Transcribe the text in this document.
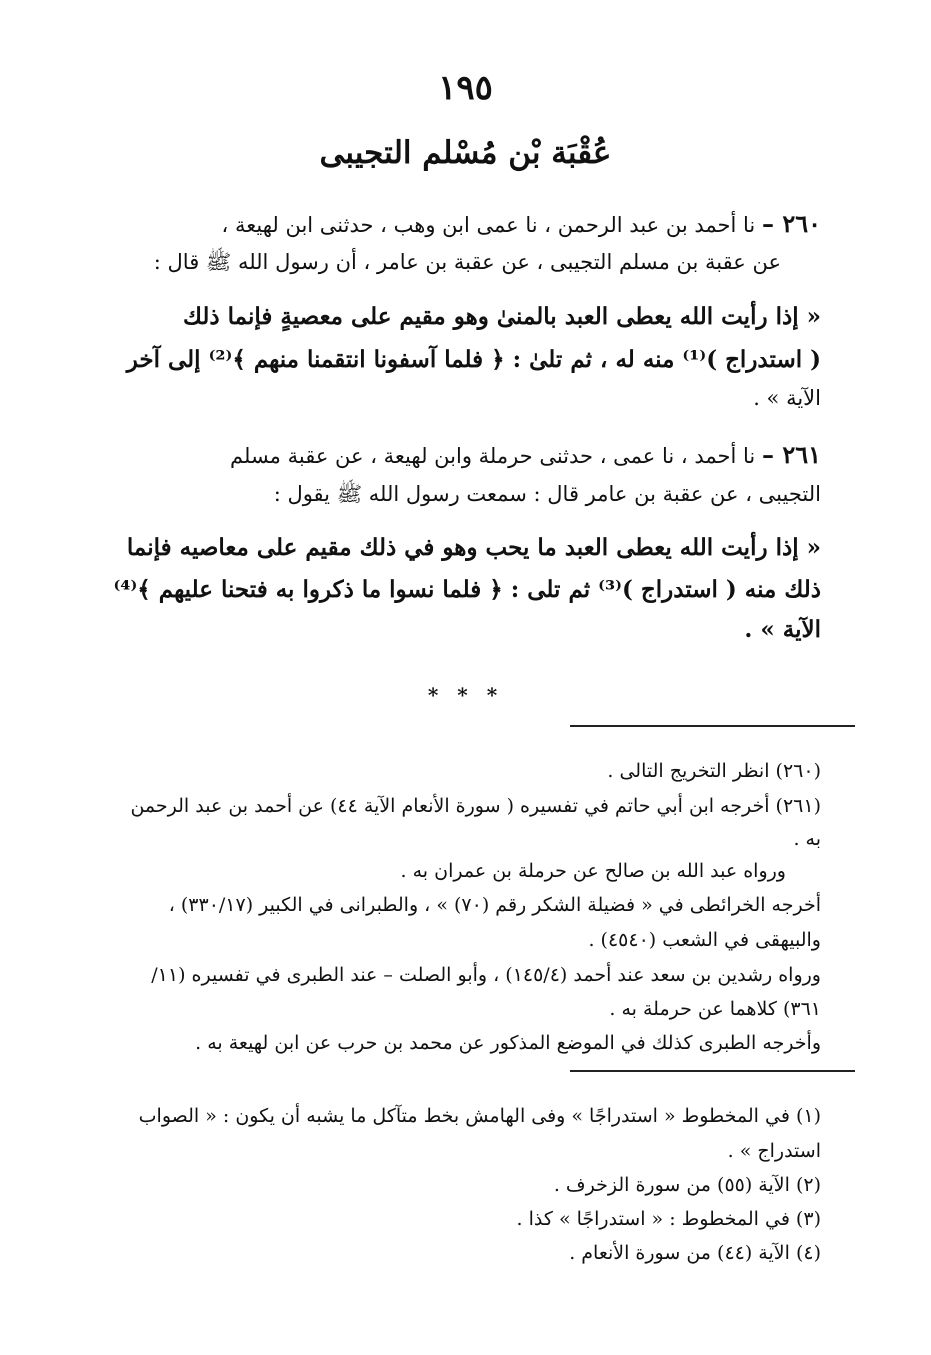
١٩٥
عُقْبَة بْن مُسْلم التجيبى
٢٦٠ – نا أحمد بن عبد الرحمن ، نا عمى ابن وهب ، حدثنى ابن لهيعة ،
عن عقبة بن مسلم التجيبى ، عن عقبة بن عامر ، أن رسول الله ﷺ قال :
« إذا رأيت الله يعطى العبد بالمنىٰ وهو مقيم على معصيةٍ فإنما ذلك
( استدراج )⁽¹⁾ منه له ، ثم تلىٰ : ﴿ فلما آسفونا انتقمنا منهم ﴾⁽²⁾ إلى آخر
الآية » .
٢٦١ – نا أحمد ، نا عمى ، حدثنى حرملة وابن لهيعة ، عن عقبة مسلم
التجيبى ، عن عقبة بن عامر قال : سمعت رسول الله ﷺ يقول :
« إذا رأيت الله يعطى العبد ما يحب وهو في ذلك مقيم على معاصيه فإنما
ذلك منه ( استدراج )⁽³⁾ ثم تلى : ﴿ فلما نسوا ما ذكروا به فتحنا عليهم ﴾⁽⁴⁾
الآية » .
* * *
(٢٦٠) انظر التخريج التالى .
(٢٦١) أخرجه ابن أبي حاتم في تفسيره ( سورة الأنعام الآية ٤٤) عن أحمد بن عبد الرحمن
به .
ورواه عبد الله بن صالح عن حرملة بن عمران به .
أخرجه الخرائطى في « فضيلة الشكر رقم (٧٠) » ، والطبرانى في الكبير (٣٣٠/١٧) ،
والبيهقى في الشعب (٤٥٤٠) .
ورواه رشدين بن سعد عند أحمد (١٤٥/٤) ، وأبو الصلت – عند الطبرى في تفسيره (١١/
٣٦١) كلاهما عن حرملة به .
وأخرجه الطبرى كذلك في الموضع المذكور عن محمد بن حرب عن ابن لهيعة به .
(١) في المخطوط « استدراجًا » وفى الهامش بخط متآكل ما يشبه أن يكون : « الصواب
استدراج » .
(٢) الآية (٥٥) من سورة الزخرف .
(٣) في المخطوط : « استدراجًا » كذا .
(٤) الآية (٤٤) من سورة الأنعام .
